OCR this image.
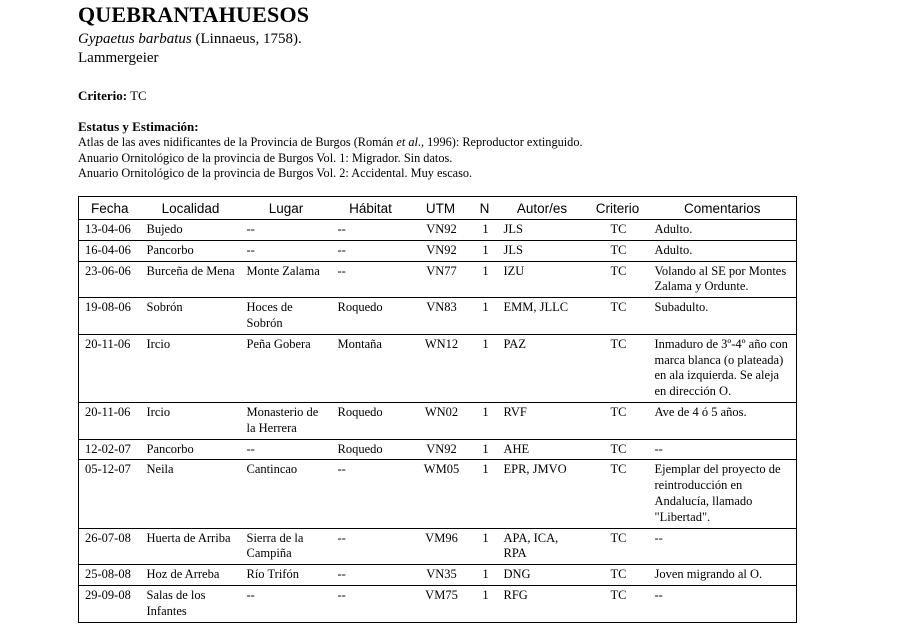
QUEBRANTAHUESOS
Gypaetus barbatus (Linnaeus, 1758).
Lammergeier
Criterio: TC
Estatus y Estimación:
Atlas de las aves nidificantes de la Provincia de Burgos (Román et al., 1996): Reproductor extinguido.
Anuario Ornitológico de la provincia de Burgos Vol. 1: Migrador. Sin datos.
Anuario Ornitológico de la provincia de Burgos Vol. 2: Accidental. Muy escaso.
Fecha	Localidad	Lugar	Hábitat	UTM	N	Autor/es	Criterio	Comentarios
13-04-06	Bujedo	--	--	VN92	1	JLS	TC	Adulto.
16-04-06	Pancorbo	--	--	VN92	1	JLS	TC	Adulto.
23-06-06	Burceña de Mena	Monte Zalama	--	VN77	1	IZU	TC	Volando al SE por Montes Zalama y Ordunte.
19-08-06	Sobrón	Hoces de Sobrón	Roquedo	VN83	1	EMM, JLLC	TC	Subadulto.
20-11-06	Ircio	Peña Gobera	Montaña	WN12	1	PAZ	TC	Inmaduro de 3º-4º año con marca blanca (o plateada) en ala izquierda. Se aleja en dirección O.
20-11-06	Ircio	Monasterio de la Herrera	Roquedo	WN02	1	RVF	TC	Ave de 4 ó 5 años.
12-02-07	Pancorbo	--	Roquedo	VN92	1	AHE	TC	--
05-12-07	Neila	Cantincao	--	WM05	1	EPR, JMVO	TC	Ejemplar del proyecto de reintroducción en Andalucía, llamado "Libertad".
26-07-08	Huerta de Arriba	Sierra de la Campiña	--	VM96	1	APA, ICA, RPA	TC	--
25-08-08	Hoz de Arreba	Río Trifón	--	VN35	1	DNG	TC	Joven migrando al O.
29-09-08	Salas de los Infantes	--	--	VM75	1	RFG	TC	--
